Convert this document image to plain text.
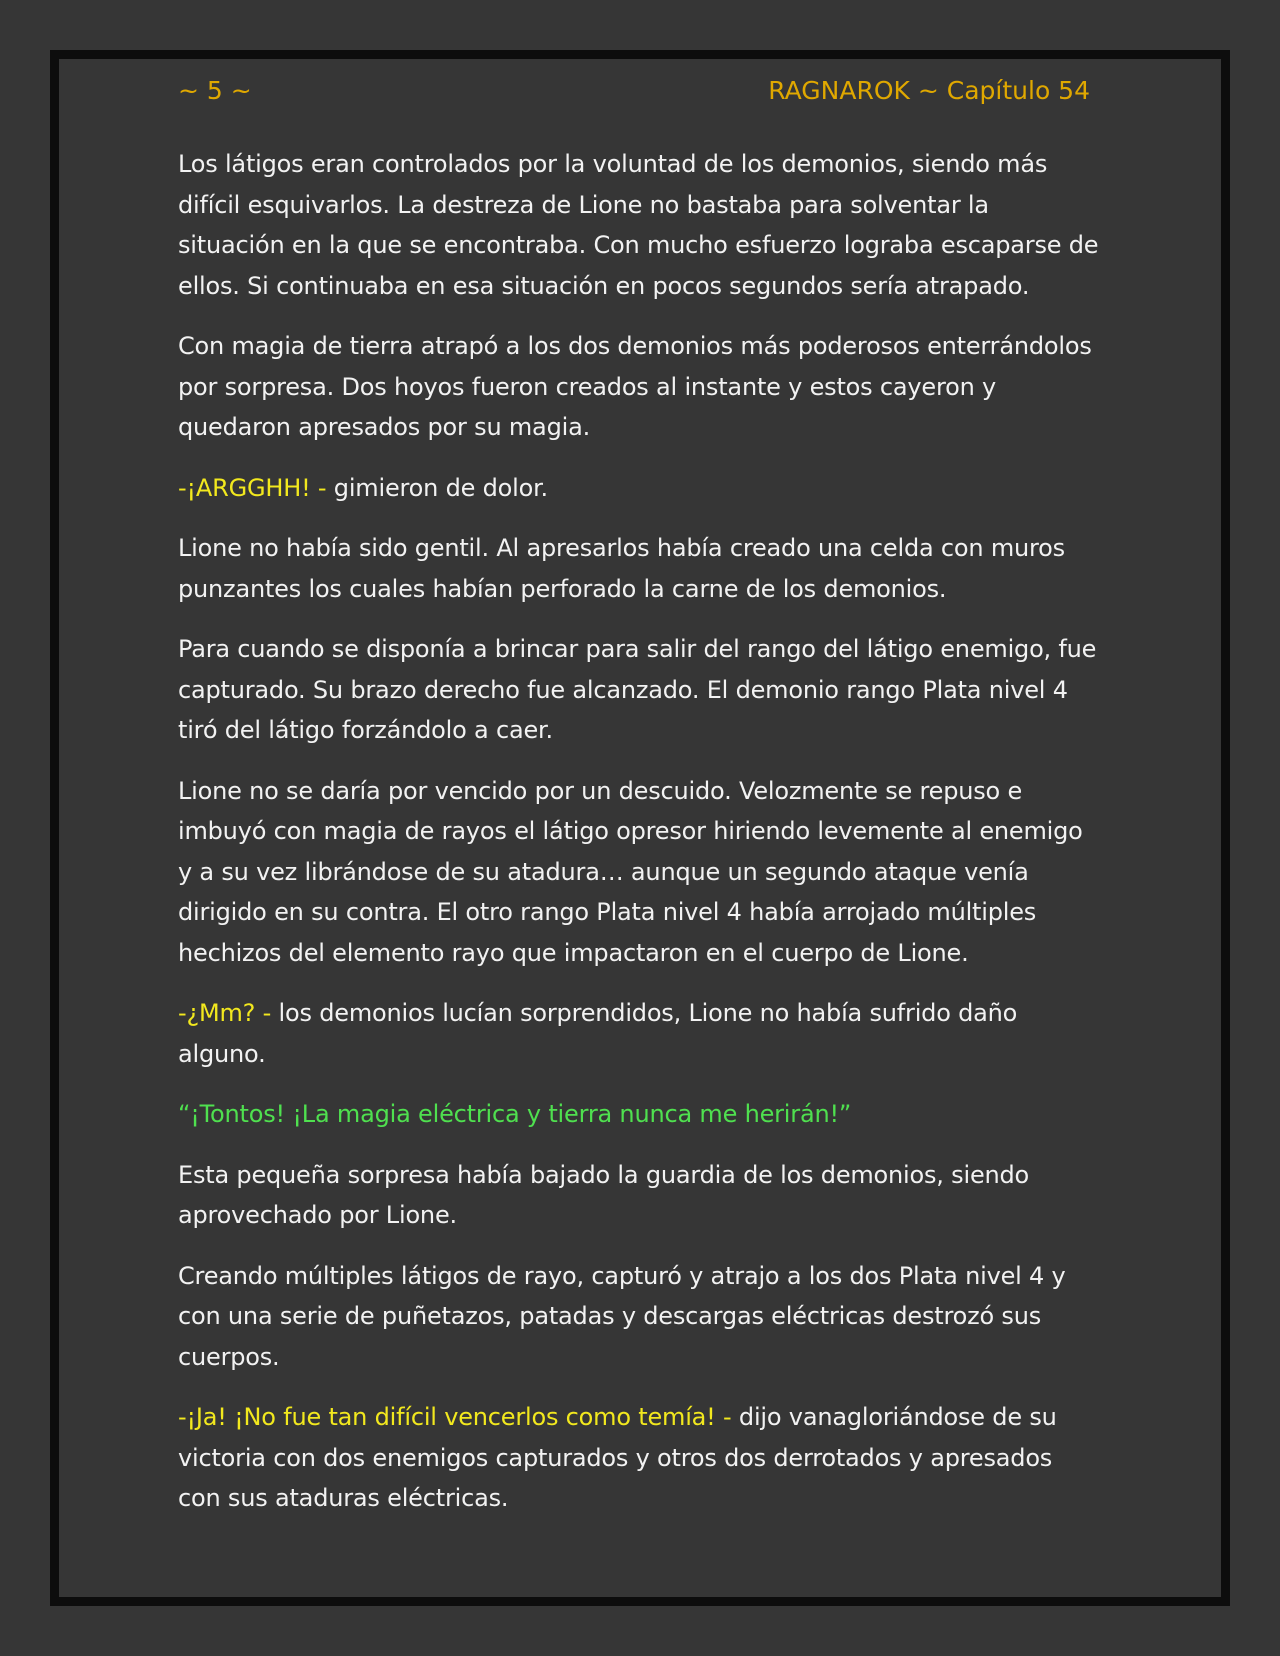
~ 5 ~	RAGNAROK ~ Capítulo 54

Los látigos eran controlados por la voluntad de los demonios, siendo más difícil esquivarlos. La destreza de Lione no bastaba para solventar la situación en la que se encontraba. Con mucho esfuerzo lograba escaparse de ellos. Si continuaba en esa situación en pocos segundos sería atrapado.

Con magia de tierra atrapó a los dos demonios más poderosos enterrándolos por sorpresa. Dos hoyos fueron creados al instante y estos cayeron y quedaron apresados por su magia.

-¡ARGGHH! - gimieron de dolor.

Lione no había sido gentil. Al apresarlos había creado una celda con muros punzantes los cuales habían perforado la carne de los demonios.

Para cuando se disponía a brincar para salir del rango del látigo enemigo, fue capturado. Su brazo derecho fue alcanzado. El demonio rango Plata nivel 4 tiró del látigo forzándolo a caer.

Lione no se daría por vencido por un descuido. Velozmente se repuso e imbuyó con magia de rayos el látigo opresor hiriendo levemente al enemigo y a su vez librándose de su atadura… aunque un segundo ataque venía dirigido en su contra. El otro rango Plata nivel 4 había arrojado múltiples hechizos del elemento rayo que impactaron en el cuerpo de Lione.

-¿Mm? - los demonios lucían sorprendidos, Lione no había sufrido daño alguno.

“¡Tontos! ¡La magia eléctrica y tierra nunca me herirán!”

Esta pequeña sorpresa había bajado la guardia de los demonios, siendo aprovechado por Lione.

Creando múltiples látigos de rayo, capturó y atrajo a los dos Plata nivel 4 y con una serie de puñetazos, patadas y descargas eléctricas destrozó sus cuerpos.

-¡Ja! ¡No fue tan difícil vencerlos como temía! - dijo vanagloriándose de su victoria con dos enemigos capturados y otros dos derrotados y apresados con sus ataduras eléctricas.
